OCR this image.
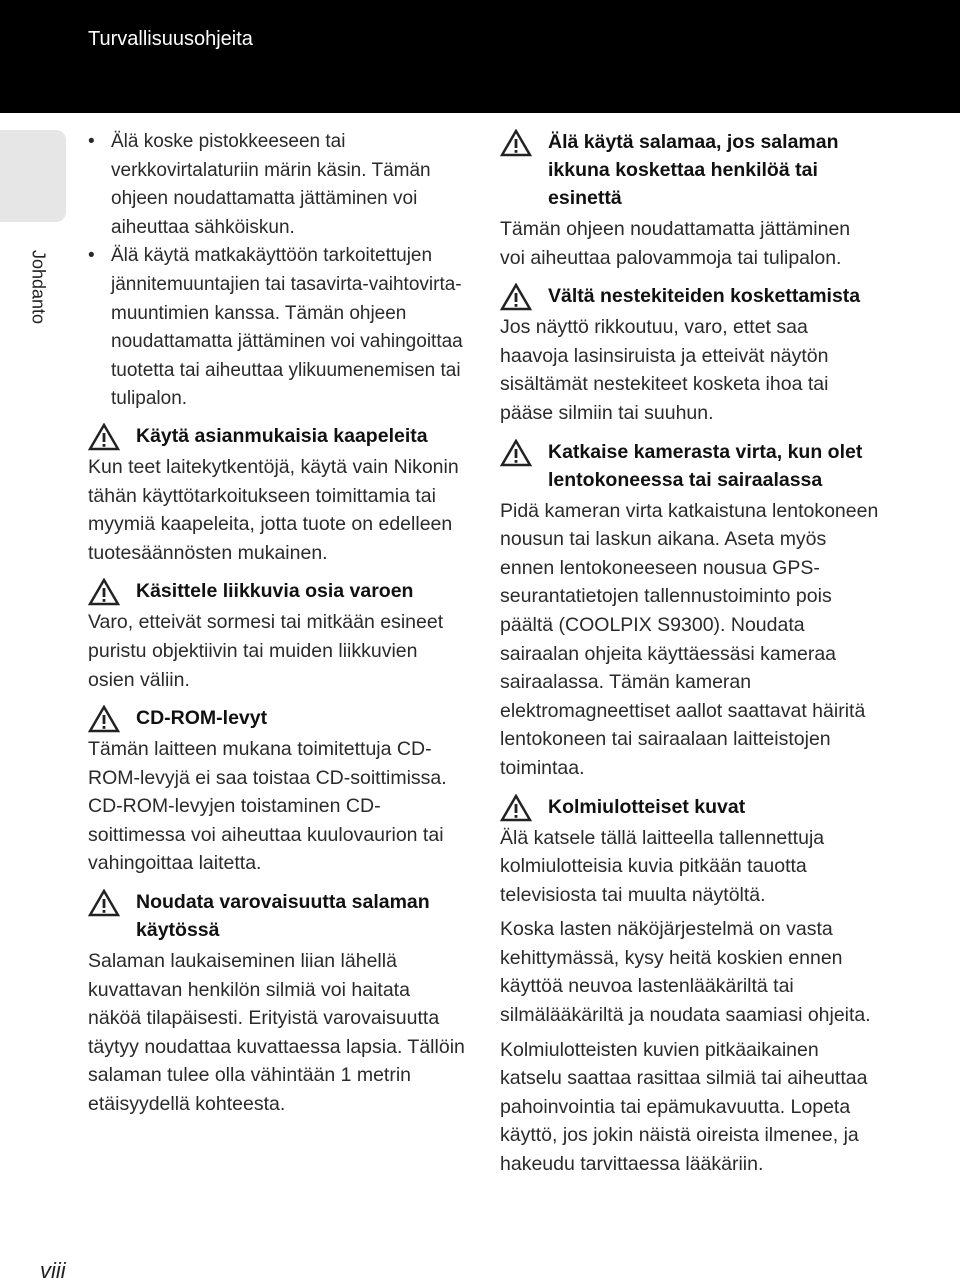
Turvallisuusohjeita
Johdanto
• Älä koske pistokkeeseen tai verkkovirtalaturiin märin käsin. Tämän ohjeen noudattamatta jättäminen voi aiheuttaa sähköiskun.
• Älä käytä matkakäyttöön tarkoitettujen jännitemuuntajien tai tasavirta-vaihtovirta-muuntimien kanssa. Tämän ohjeen noudattamatta jättäminen voi vahingoittaa tuotetta tai aiheuttaa ylikuumenemisen tai tulipalon.
Käytä asianmukaisia kaapeleita

Kun teet laitekytkentöjä, käytä vain Nikonin tähän käyttötarkoitukseen toimittamia tai myymiä kaapeleita, jotta tuote on edelleen tuotesäännösten mukainen.

Käsittele liikkuvia osia varoen

Varo, etteivät sormesi tai mitkään esineet puristu objektiivin tai muiden liikkuvien osien väliin.

CD-ROM-levyt

Tämän laitteen mukana toimitettuja CD-ROM-levyjä ei saa toistaa CD-soittimissa. CD-ROM-levyjen toistaminen CD-soittimessa voi aiheuttaa kuulovaurion tai vahingoittaa laitetta.

Noudata varovaisuutta salaman käytössä

Salaman laukaiseminen liian lähellä kuvattavan henkilön silmiä voi haitata näköä tilapäisesti. Erityistä varovaisuutta täytyy noudattaa kuvattaessa lapsia. Tällöin salaman tulee olla vähintään 1 metrin etäisyydellä kohteesta.

Älä käytä salamaa, jos salaman ikkuna koskettaa henkilöä tai esinettä

Tämän ohjeen noudattamatta jättäminen voi aiheuttaa palovammoja tai tulipalon.

Vältä nestekiteiden koskettamista

Jos näyttö rikkoutuu, varo, ettet saa haavoja lasinsiruista ja etteivät näytön sisältämät nestekiteet kosketa ihoa tai pääse silmiin tai suuhun.

Katkaise kamerasta virta, kun olet lentokoneessa tai sairaalassa

Pidä kameran virta katkaistuna lentokoneen nousun tai laskun aikana. Aseta myös ennen lentokoneeseen nousua GPS-seurantatietojen tallennustoiminto pois päältä (COOLPIX S9300). Noudata sairaalan ohjeita käyttäessäsi kameraa sairaalassa. Tämän kameran elektromagneettiset aallot saattavat häiritä lentokoneen tai sairaalaan laitteistojen toimintaa.

Kolmiulotteiset kuvat

Älä katsele tällä laitteella tallennettuja kolmiulotteisia kuvia pitkään tauotta televisiosta tai muulta näytöltä.

Koska lasten näköjärjestelmä on vasta kehittymässä, kysy heitä koskien ennen käyttöä neuvoa lastenlääkäriltä tai silmälääkäriltä ja noudata saamiasi ohjeita.

Kolmiulotteisten kuvien pitkäaikainen katselu saattaa rasittaa silmiä tai aiheuttaa pahoinvointia tai epämukavuutta. Lopeta käyttö, jos jokin näistä oireista ilmenee, ja hakeudu tarvittaessa lääkäriin.

viii
